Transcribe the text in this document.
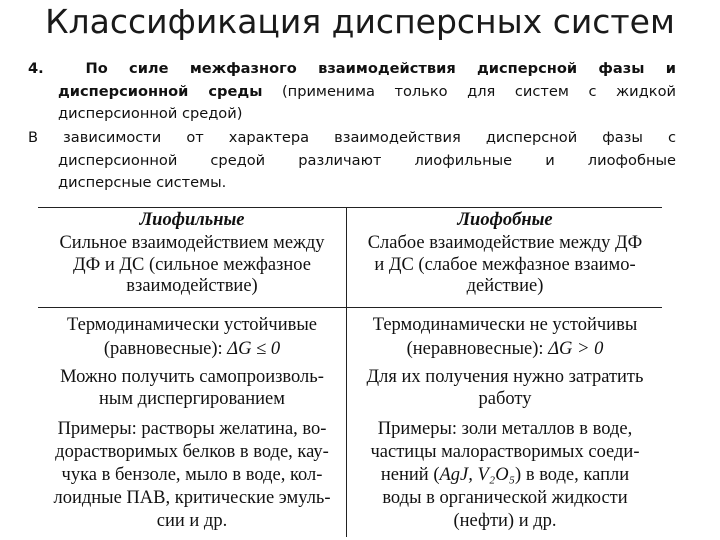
Классификация дисперсных систем
4.	По силе межфазного взаимодействия дисперсной фазы и
дисперсионной среды (применима только для систем с жидкой
дисперсионной средой)
В зависимости от характера взаимодействия дисперсной фазы с
дисперсионной средой различают лиофильные и лиофобные
дисперсные системы.
Лиофильные	Лиофобные
Сильное взаимодействием между
ДФ и ДС (сильное межфазное
взаимодействие)
Слабое взаимодействие между ДФ
и ДС (слабое межфазное взаимо-
действие)
Термодинамически устойчивые
(равновесные): ΔG ≤ 0
Термодинамически не устойчивы
(неравновесные): ΔG > 0
Можно получить самопроизволь-
ным диспергированием
Для их получения нужно затратить
работу
Примеры: растворы желатина, во-
дорастворимых белков в воде, кау-
чука в бензоле, мыло в воде, кол-
лоидные ПАВ, критические эмуль-
сии и др.
Примеры: золи металлов в воде,
частицы малорастворимых соеди-
нений (AgJ, V₂O₅) в воде, капли
воды в органической жидкости
(нефти) и др.
